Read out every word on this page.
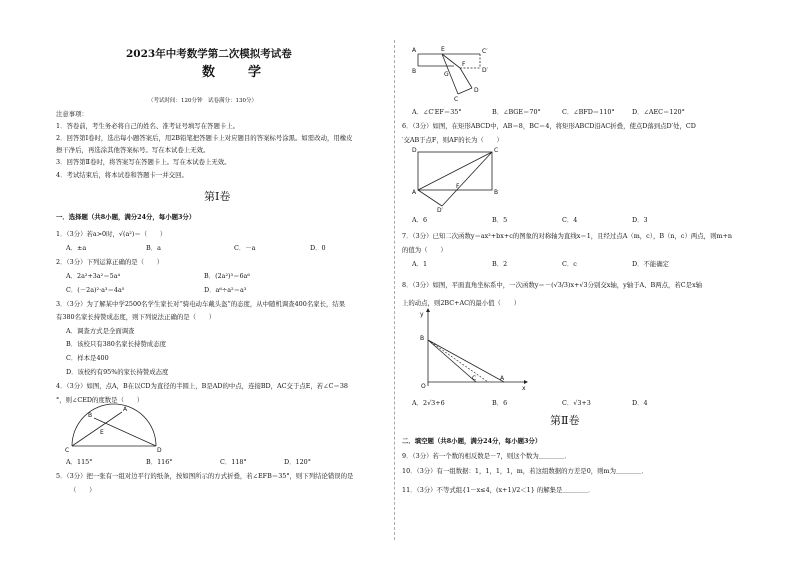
2023年中考数学第二次模拟考试卷
数　学
（考试时间：120分钟　试卷满分：130分）
注意事项：
1．答卷前，考生务必将自己的姓名、准考证号填写在答题卡上。
2．回答第Ⅰ卷时，选出每小题答案后，用2B铅笔把答题卡上对应题目的答案标号涂黑。如需改动，用橡皮
擦干净后，再选涂其他答案标号。写在本试卷上无效。
3．回答第Ⅱ卷时，将答案写在答题卡上。写在本试卷上无效。
4．考试结束后，将本试卷和答题卡一并交回。
第Ⅰ卷
一．选择题（共8小题，满分24分，每小题3分）
1．（3分）若a>0时，√(a²)＝（　　）
A．±a	B．a	C．－a	D．0
2．（3分）下列运算正确的是（　　）
A．2a²+3a²＝5a⁴	B．(2a²)³＝6a⁶
C．(－2a)²·a³＝4a⁵	D．a⁶÷a²＝a³
3．（3分）为了解某中学2500名学生家长对“骑电动车戴头盔”的态度，从中随机调查400名家长，结果
有380名家长持赞成态度，则下列说法正确的是（　　）
A．调查方式是全面调查
B．该校只有380名家长持赞成态度
C．样本是400
D．该校约有95%的家长持赞成态度
4．（3分）如图，点A，B在以CD为直径的半圆上，B是AD的中点，连接BD，AC交于点E，若∠C＝38
°，则∠CED的度数是（　　）
A
B
C	D
E
A．115°	B．116°	C．118°	D．120°
5．（3分）把一张有一组对边平行的纸条，按如图所示的方式折叠，若∠EFB＝35°，则下列结论错误的是
（　　）
A
B
E
G
F
C′
D′
C
D
A．∠C′EF＝35°	B．∠BGE＝70°	C．∠BFD＝110°	D．∠AEC＝120°
6．（3分）如图，在矩形ABCD中，AB＝8，BC＝4，将矩形ABCD沿AC折叠，使点D落到点D′处，CD
′交AB于点F，则AF的长为（　　）
D	C
A
F
B
D′
A．6	B．5	C．4	D．3
7．（3分）已知二次函数y＝ax²+bx+c的图象的对称轴为直线x＝1，且经过点A（m，c），B（n，c）两点，则m+n
的值为（　　）
A．1	B．2	C．c	D．不能确定
8．（3分）如图，平面直角坐标系中，一次函数y＝－(√3/3)x+√3分别交x轴，y轴于A、B两点，若C是x轴
上的动点，则2BC+AC的最小值（　　）
y
B
O
C	A
x
A．2√3+6	B．6	C．√3+3	D．4
第Ⅱ卷
二．填空题（共8小题，满分24分，每小题3分）
9．（3分）若一个数的相反数是－7，则这个数为＿＿＿＿．
10．（3分）有一组数据：1，1，1，1，m，若这组数据的方差是0，则m为＿＿＿＿．
11．（3分）不等式组{1－x≤4，(x+1)/2＜1} 的解集是＿＿＿＿．
